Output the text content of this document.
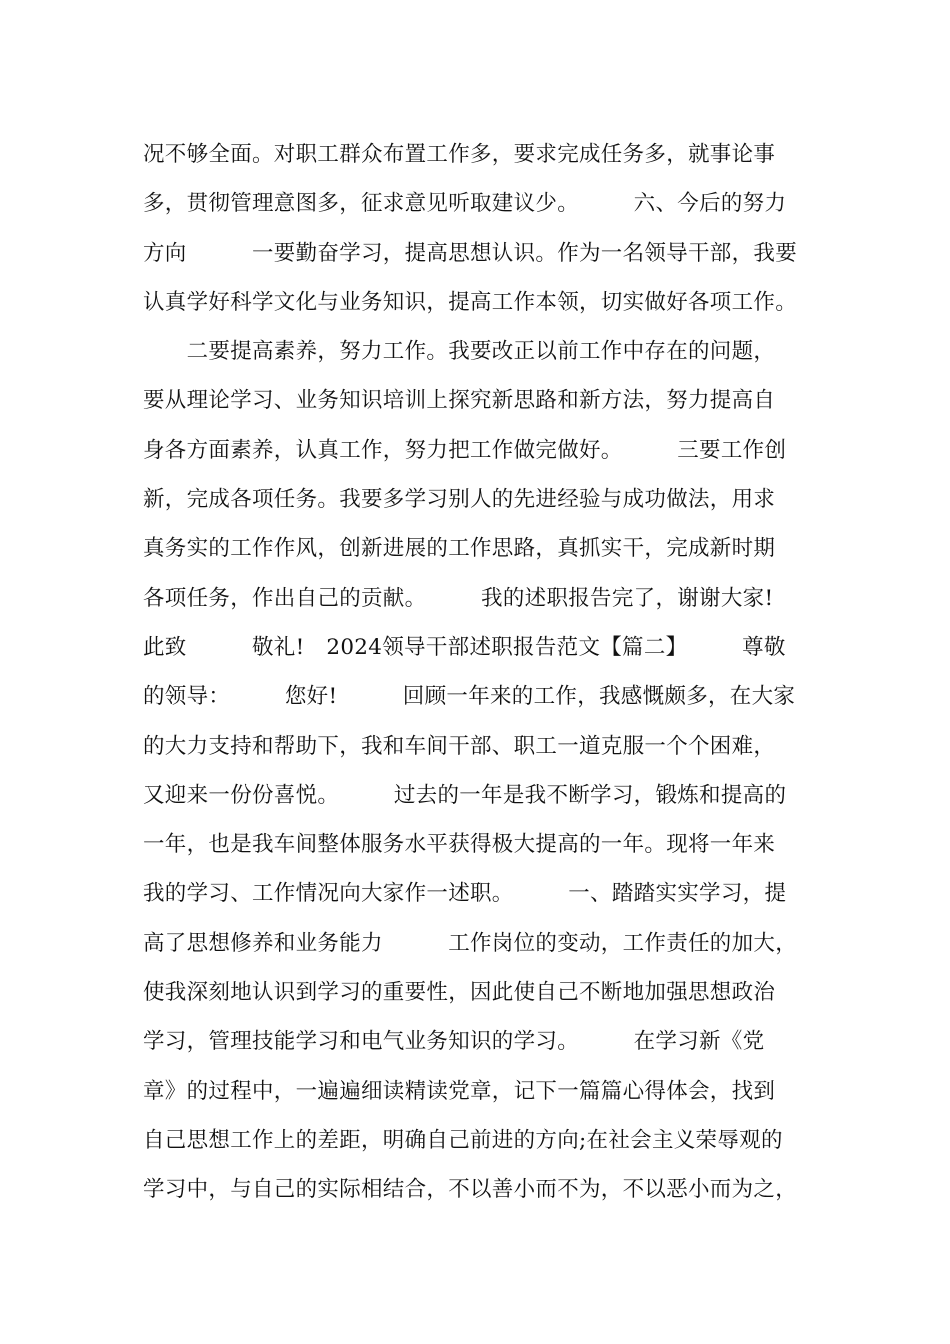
况不够全面。对职工群众布置工作多，要求完成任务多，就事论事
多，贯彻管理意图多，征求意见听取建议少。　　　六、今后的努力
方向　　　一要勤奋学习，提高思想认识。作为一名领导干部，我要
认真学好科学文化与业务知识，提高工作本领，切实做好各项工作。
　　二要提高素养，努力工作。我要改正以前工作中存在的问题，
要从理论学习、业务知识培训上探究新思路和新方法，努力提高自
身各方面素养，认真工作，努力把工作做完做好。　　　三要工作创
新，完成各项任务。我要多学习别人的先进经验与成功做法，用求
真务实的工作作风，创新进展的工作思路，真抓实干，完成新时期
各项任务，作出自己的贡献。　　　我的述职报告完了，谢谢大家!
此致　　　敬礼!　2024领导干部述职报告范文【篇二】　　　尊敬
的领导：　　　您好!　　　回顾一年来的工作，我感慨颇多，在大家
的大力支持和帮助下，我和车间干部、职工一道克服一个个困难，
又迎来一份份喜悦。　　　过去的一年是我不断学习，锻炼和提高的
一年，也是我车间整体服务水平获得极大提高的一年。现将一年来
我的学习、工作情况向大家作一述职。　　　一、踏踏实实学习，提
高了思想修养和业务能力　　　工作岗位的变动，工作责任的加大，
使我深刻地认识到学习的重要性，因此使自己不断地加强思想政治
学习，管理技能学习和电气业务知识的学习。　　　在学习新《党
章》的过程中，一遍遍细读精读党章，记下一篇篇心得体会，找到
自己思想工作上的差距，明确自己前进的方向;在社会主义荣辱观的
学习中，与自己的实际相结合，不以善小而不为，不以恶小而为之，
